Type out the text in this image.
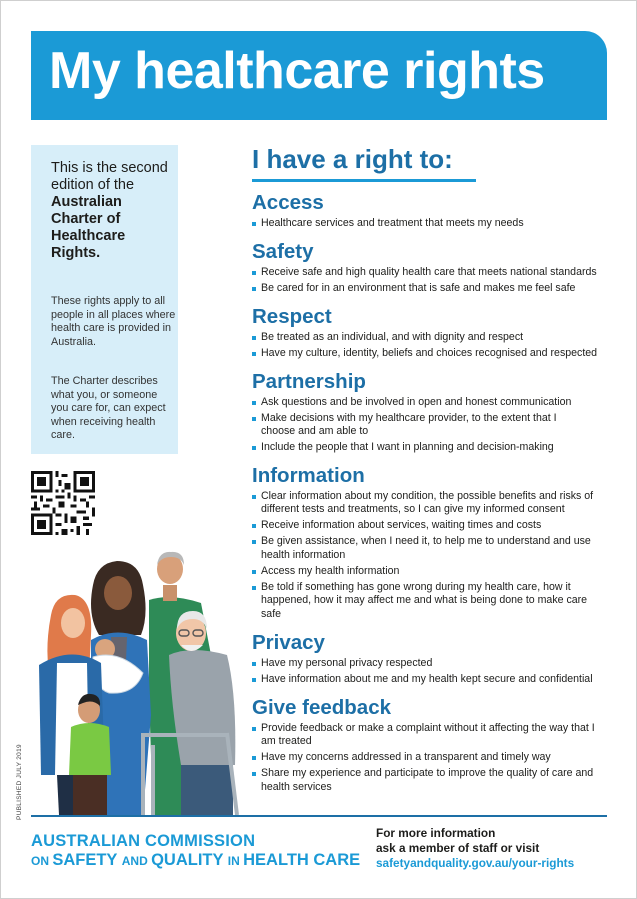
My healthcare rights
This is the second edition of the Australian Charter of Healthcare Rights.

These rights apply to all people in all places where health care is provided in Australia.

The Charter describes what you, or someone you care for, can expect when receiving health care.

PUBLISHED JULY 2019
I have a right to:
Access
Healthcare services and treatment that meets my needs
Safety
Receive safe and high quality health care that meets national standards
Be cared for in an environment that is safe and makes me feel safe
Respect
Be treated as an individual, and with dignity and respect
Have my culture, identity, beliefs and choices recognised and respected
Partnership
Ask questions and be involved in open and honest communication
Make decisions with my healthcare provider, to the extent that I choose and am able to
Include the people that I want in planning and decision-making
Information
Clear information about my condition, the possible benefits and risks of different tests and treatments, so I can give my informed consent
Receive information about services, waiting times and costs
Be given assistance, when I need it, to help me to understand and use health information
Access my health information
Be told if something has gone wrong during my health care, how it happened, how it may affect me and what is being done to make care safe
Privacy
Have my personal privacy respected
Have information about me and my health kept secure and confidential
Give feedback
Provide feedback or make a complaint without it affecting the way that I am treated
Have my concerns addressed in a transparent and timely way
Share my experience and participate to improve the quality of care and health services
AUSTRALIAN COMMISSION
ON SAFETY AND QUALITY IN HEALTH CARE
For more information
ask a member of staff or visit
safetyandquality.gov.au/your-rights
